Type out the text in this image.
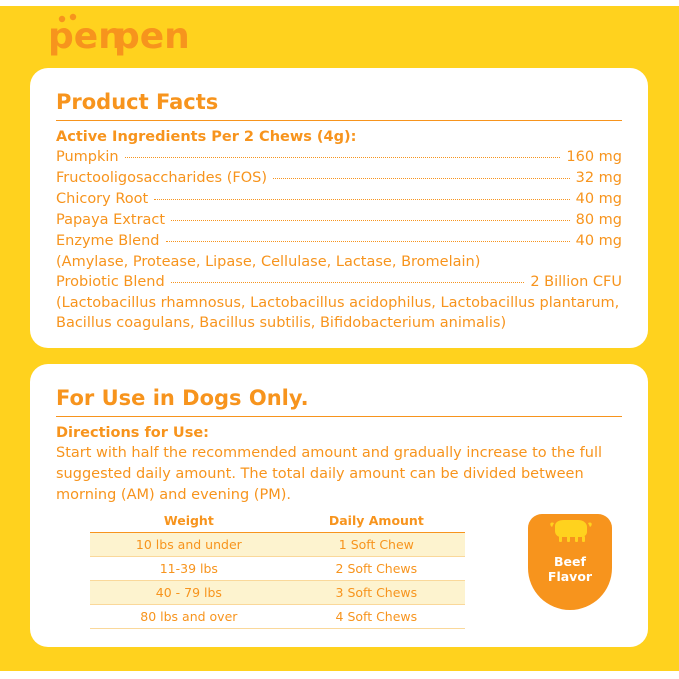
pen
pen
Product Facts
Active Ingredients Per 2 Chews (4g):
Pumpkin	160 mg
Fructooligosaccharides (FOS)	32 mg
Chicory Root	40 mg
Papaya Extract	80 mg
Enzyme Blend	40 mg
(Amylase, Protease, Lipase, Cellulase, Lactase, Bromelain)
Probiotic Blend	2 Billion CFU
(Lactobacillus rhamnosus, Lactobacillus acidophilus, Lactobacillus plantarum, Bacillus coagulans, Bacillus subtilis, Bifidobacterium animalis)
For Use in Dogs Only.
Directions for Use:
Start with half the recommended amount and gradually increase to the full suggested daily amount. The total daily amount can be divided between morning (AM) and evening (PM).
Weight	Daily Amount
10 lbs and under	1 Soft Chew
11-39 lbs	2 Soft Chews
40 - 79 lbs	3 Soft Chews
80 lbs and over	4 Soft Chews
Beef
Flavor
